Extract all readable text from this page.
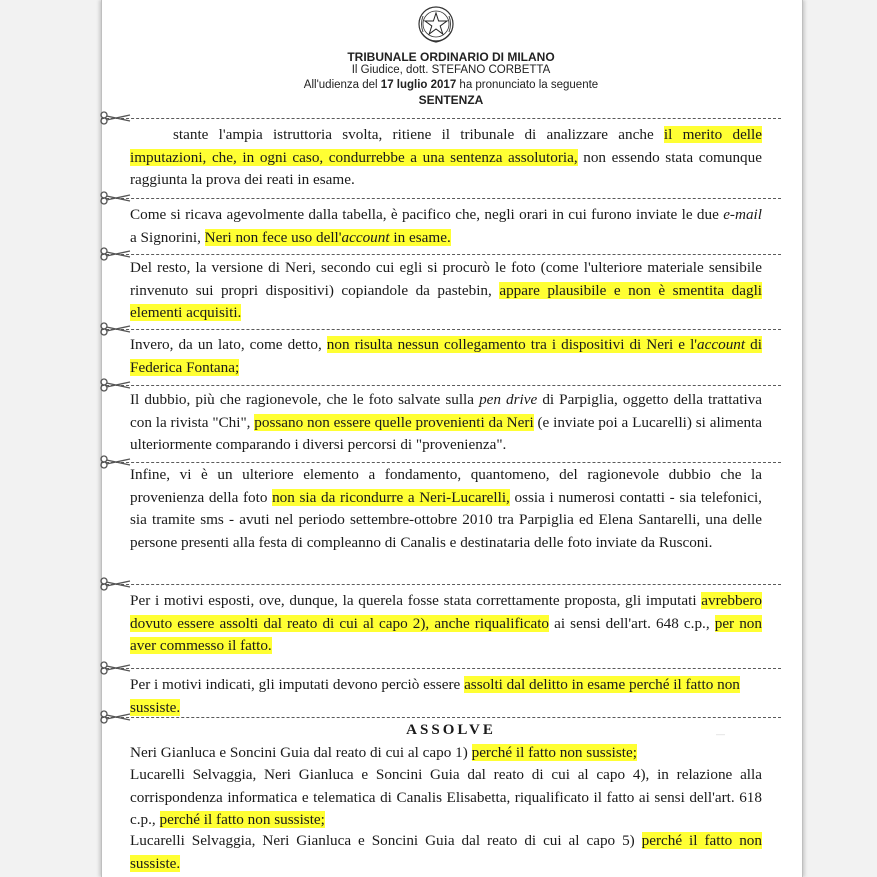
TRIBUNALE ORDINARIO DI MILANO
Il Giudice, dott. STEFANO CORBETTA
All'udienza del 17 luglio 2017 ha pronunciato la seguente
SENTENZA
stante l'ampia istruttoria svolta, ritiene il tribunale di analizzare anche il merito delle imputazioni, che, in ogni caso, condurrebbe a una sentenza assolutoria, non essendo stata comunque raggiunta la prova dei reati in esame.
Come si ricava agevolmente dalla tabella, è pacifico che, negli orari in cui furono inviate le due e-mail a Signorini, Neri non fece uso dell'account in esame.
Del resto, la versione di Neri, secondo cui egli si procurò le foto (come l'ulteriore materiale sensibile rinvenuto sui propri dispositivi) copiandole da pastebin, appare plausibile e non è smentita dagli elementi acquisiti.
Invero, da un lato, come detto, non risulta nessun collegamento tra i dispositivi di Neri e l'account di Federica Fontana;
Il dubbio, più che ragionevole, che le foto salvate sulla pen drive di Parpiglia, oggetto della trattativa con la rivista "Chi", possano non essere quelle provenienti da Neri (e inviate poi a Lucarelli) si alimenta ulteriormente comparando i diversi percorsi di "provenienza".
Infine, vi è un ulteriore elemento a fondamento, quantomeno, del ragionevole dubbio che la provenienza della foto non sia da ricondurre a Neri-Lucarelli, ossia i numerosi contatti - sia telefonici, sia tramite sms - avuti nel periodo settembre-ottobre 2010 tra Parpiglia ed Elena Santarelli, una delle persone presenti alla festa di compleanno di Canalis e destinataria delle foto inviate da Rusconi.
Per i motivi esposti, ove, dunque, la querela fosse stata correttamente proposta, gli imputati avrebbero dovuto essere assolti dal reato di cui al capo 2), anche riqualificato ai sensi dell'art. 648 c.p., per non aver commesso il fatto.
Per i motivi indicati, gli imputati devono perciò essere assolti dal delitto in esame perché il fatto non sussiste.
ASSOLVE	—
Neri Gianluca e Soncini Guia dal reato di cui al capo 1) perché il fatto non sussiste;
Lucarelli Selvaggia, Neri Gianluca e Soncini Guia dal reato di cui al capo 4), in relazione alla corrispondenza informatica e telematica di Canalis Elisabetta, riqualificato il fatto ai sensi dell'art. 618 c.p., perché il fatto non sussiste;
Lucarelli Selvaggia, Neri Gianluca e Soncini Guia dal reato di cui al capo 5) perché il fatto non sussiste.
